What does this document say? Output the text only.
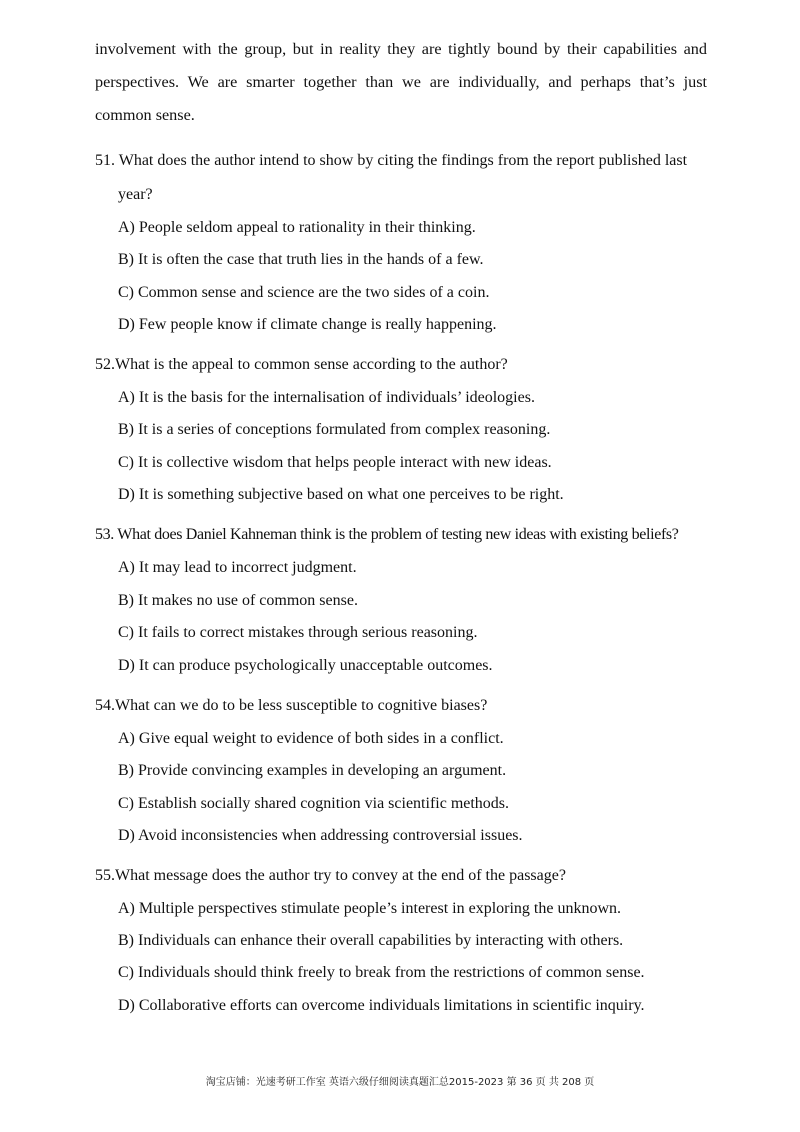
involvement with the group, but in reality they are tightly bound by their capabilities and perspectives. We are smarter together than we are individually, and perhaps that’s just common sense.

51. What does the author intend to show by citing the findings from the report published last

year?

A) People seldom appeal to rationality in their thinking.

B) It is often the case that truth lies in the hands of a few.

C) Common sense and science are the two sides of a coin.

D) Few people know if climate change is really happening.

52.What is the appeal to common sense according to the author?

A) It is the basis for the internalisation of individuals’ ideologies.

B) It is a series of conceptions formulated from complex reasoning.

C) It is collective wisdom that helps people interact with new ideas.

D) It is something subjective based on what one perceives to be right.

53. What does Daniel Kahneman think is the problem of testing new ideas with existing beliefs?

A) It may lead to incorrect judgment.

B) It makes no use of common sense.

C) It fails to correct mistakes through serious reasoning.

D) It can produce psychologically unacceptable outcomes.

54.What can we do to be less susceptible to cognitive biases?

A) Give equal weight to evidence of both sides in a conflict.

B) Provide convincing examples in developing an argument.

C) Establish socially shared cognition via scientific methods.

D) Avoid inconsistencies when addressing controversial issues.

55.What message does the author try to convey at the end of the passage?

A) Multiple perspectives stimulate people’s interest in exploring the unknown.

B) Individuals can enhance their overall capabilities by interacting with others.

C) Individuals should think freely to break from the restrictions of common sense.

D) Collaborative efforts can overcome individuals limitations in scientific inquiry.

淘宝店铺：光速考研工作室 英语六级仔细阅读真题汇总2015-2023 第 36 页 共 208 页
